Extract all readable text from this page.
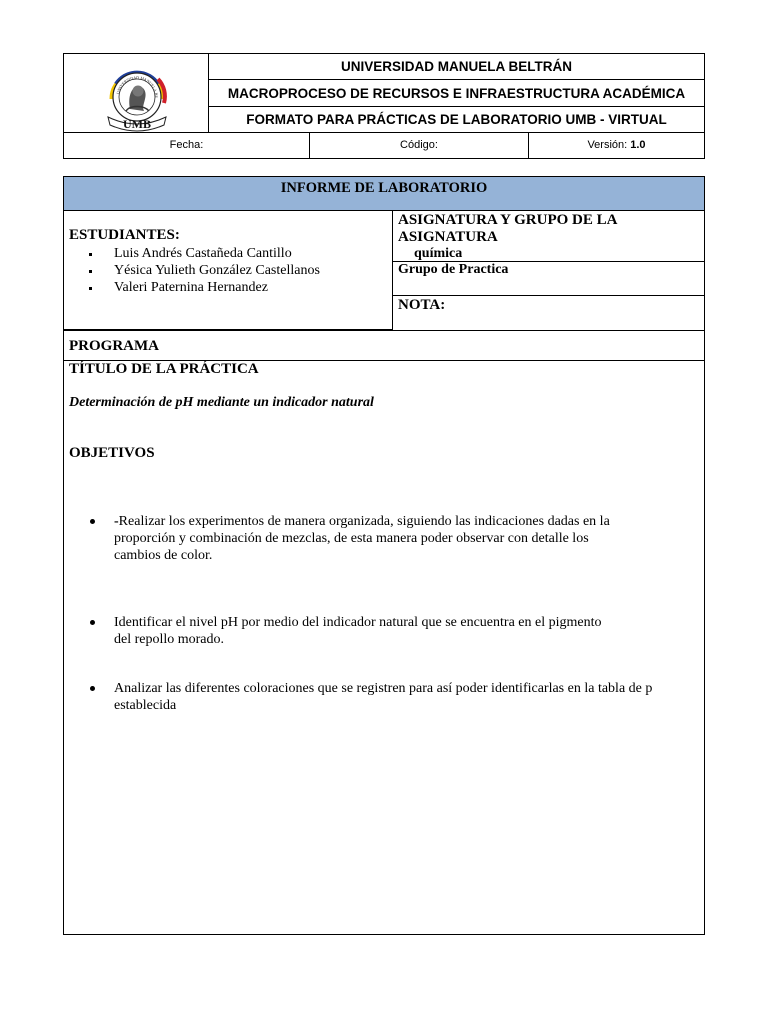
UNIVERSIDAD MANUELA BE
UMB
UNIVERSIDAD MANUELA BELTRÁN
MACROPROCESO DE RECURSOS E INFRAESTRUCTURA ACADÉMICA
FORMATO PARA PRÁCTICAS DE LABORATORIO UMB - VIRTUAL
Fecha:	Código:	Versión: 1.0
INFORME DE LABORATORIO
ESTUDIANTES:
Luis Andrés Castañeda Cantillo
Yésica Yulieth González Castellanos
Valeri Paternina Hernandez
ASIGNATURA Y GRUPO DE LA ASIGNATURA
química
Grupo de Practica
NOTA:
PROGRAMA
TÍTULO DE LA PRÁCTICA
Determinación de pH mediante un indicador natural
OBJETIVOS
-Realizar los experimentos de manera organizada, siguiendo las indicaciones dadas en la
proporción y combinación de mezclas, de esta manera poder observar con detalle los
cambios de color.
Identificar el nivel pH por medio del indicador natural que se encuentra en el pigmento
del repollo morado.
Analizar las diferentes coloraciones que se registren para así poder identificarlas en la tabla de p
establecida
